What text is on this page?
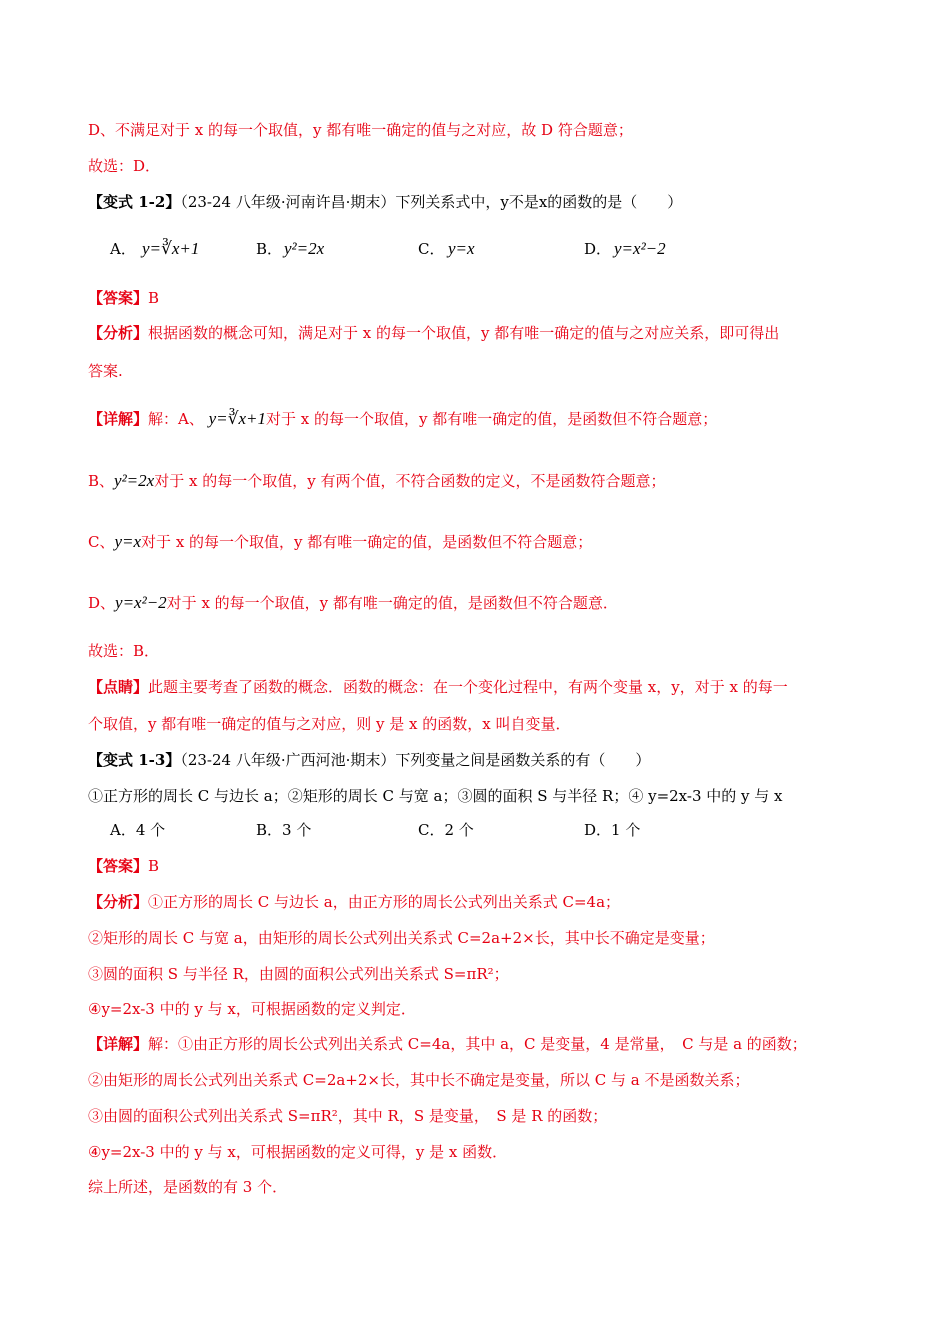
D、不满足对于 x 的每一个取值，y 都有唯一确定的值与之对应，故 D 符合题意；
故选：D．
【变式 1-2】（23-24 八年级·河南许昌·期末）下列关系式中，y不是x的函数的是（　　）
A． y=∛x+1	B． y²=2x	C． y=x	D． y=x²−2
【答案】B
【分析】根据函数的概念可知，满足对于 x 的每一个取值，y 都有唯一确定的值与之对应关系，即可得出
答案.
【详解】解：A、 y=∛x+1对于 x 的每一个取值，y 都有唯一确定的值，是函数但不符合题意；
B、y²=2x对于 x 的每一个取值，y 有两个值，不符合函数的定义，不是函数符合题意；
C、y=x对于 x 的每一个取值，y 都有唯一确定的值，是函数但不符合题意；
D、y=x²−2对于 x 的每一个取值，y 都有唯一确定的值，是函数但不符合题意．
故选：B．
【点睛】此题主要考查了函数的概念．函数的概念：在一个变化过程中，有两个变量 x，y，对于 x 的每一
个取值，y 都有唯一确定的值与之对应，则 y 是 x 的函数，x 叫自变量．
【变式 1-3】（23-24 八年级·广西河池·期末）下列变量之间是函数关系的有（　　）
①正方形的周长 C 与边长 a；②矩形的周长 C 与宽 a；③圆的面积 S 与半径 R；④ y=2x-3 中的 y 与 x
A．4 个	B．3 个	C．2 个	D．1 个
【答案】B
【分析】①正方形的周长 C 与边长 a，由正方形的周长公式列出关系式 C=4a；
②矩形的周长 C 与宽 a，由矩形的周长公式列出关系式 C=2a+2×长，其中长不确定是变量；
③圆的面积 S 与半径 R，由圆的面积公式列出关系式 S=πR²；
④y=2x-3 中的 y 与 x，可根据函数的定义判定．
【详解】解：①由正方形的周长公式列出关系式 C=4a，其中 a，C 是变量，4 是常量，　C 与是 a 的函数；
②由矩形的周长公式列出关系式 C=2a+2×长，其中长不确定是变量，所以 C 与 a 不是函数关系；
③由圆的面积公式列出关系式 S=πR²，其中 R，S 是变量，　S 是 R 的函数；
④y=2x-3 中的 y 与 x，可根据函数的定义可得，y 是 x 函数．
综上所述，是函数的有 3 个．
